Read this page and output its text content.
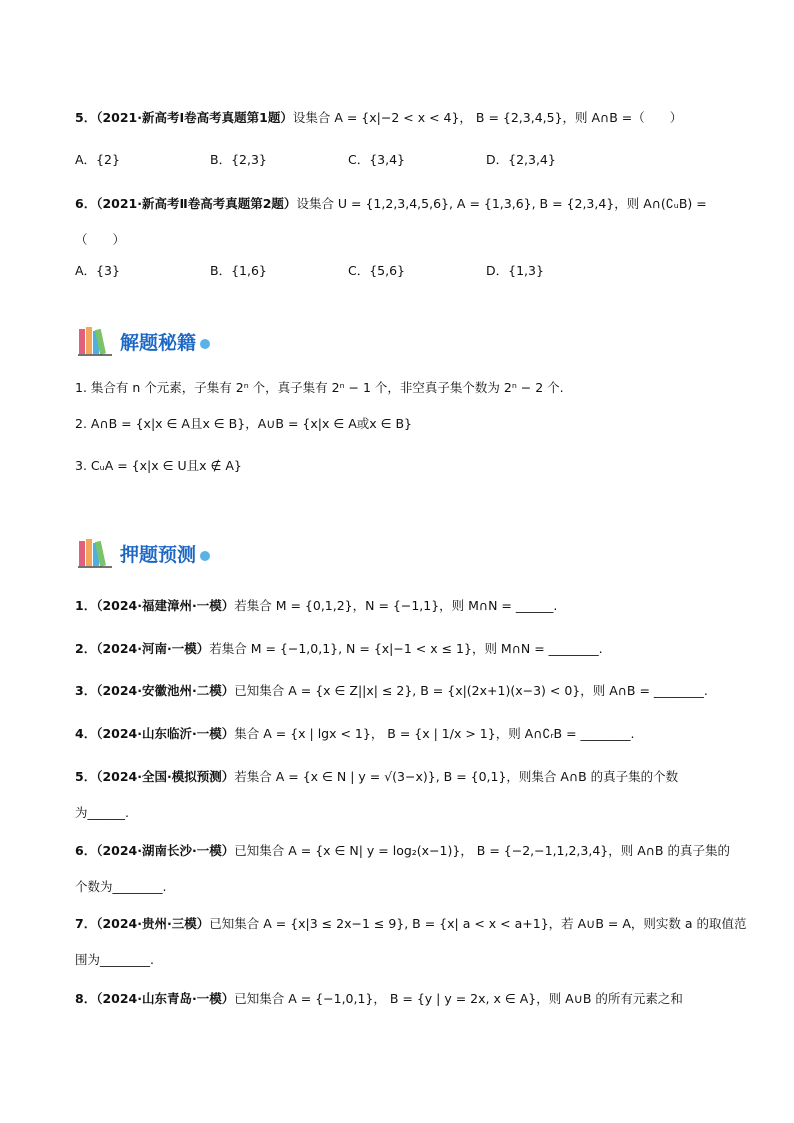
5．（2021·新高考Ⅰ卷高考真题第1题）设集合 A = {x|−2 < x < 4}， B = {2,3,4,5}，则 A∩B =（　　）
A．{2}	B．{2,3}	C．{3,4}	D．{2,3,4}
6．（2021·新高考Ⅱ卷高考真题第2题）设集合 U = {1,2,3,4,5,6}, A = {1,3,6}, B = {2,3,4}，则 A∩(∁ᵤB) =
（　　）
A．{3}	B．{1,6}	C．{5,6}	D．{1,3}
解题秘籍
1. 集合有 n 个元素，子集有 2ⁿ 个，真子集有 2ⁿ − 1 个，非空真子集个数为 2ⁿ − 2 个.
2. A∩B = {x|x ∈ A且x ∈ B}，A∪B = {x|x ∈ A或x ∈ B}
3. CᵤA = {x|x ∈ U且x ∉ A}
押题预测
1．（2024·福建漳州·一模）若集合 M = {0,1,2}，N = {−1,1}，则 M∩N = ______.
2．（2024·河南·一模）若集合 M = {−1,0,1}, N = {x|−1 < x ≤ 1}，则 M∩N = ________.
3．（2024·安徽池州·二模）已知集合 A = {x ∈ Z||x| ≤ 2}, B = {x|(2x+1)(x−3) < 0}，则 A∩B = ________.
4．（2024·山东临沂·一模）集合 A = {x | lgx < 1}， B = {x | 1/x > 1}，则 A∩∁ᵣB = ________.
5．（2024·全国·模拟预测）若集合 A = {x ∈ N | y = √(3−x)}, B = {0,1}，则集合 A∩B 的真子集的个数
为______.
6．（2024·湖南长沙·一模）已知集合 A = {x ∈ N| y = log₂(x−1)}， B = {−2,−1,1,2,3,4}，则 A∩B 的真子集的
个数为________.
7．（2024·贵州·三模）已知集合 A = {x|3 ≤ 2x−1 ≤ 9}, B = {x| a < x < a+1}，若 A∪B = A，则实数 a 的取值范
围为________.
8．（2024·山东青岛·一模）已知集合 A = {−1,0,1}， B = {y | y = 2x, x ∈ A}，则 A∪B 的所有元素之和
